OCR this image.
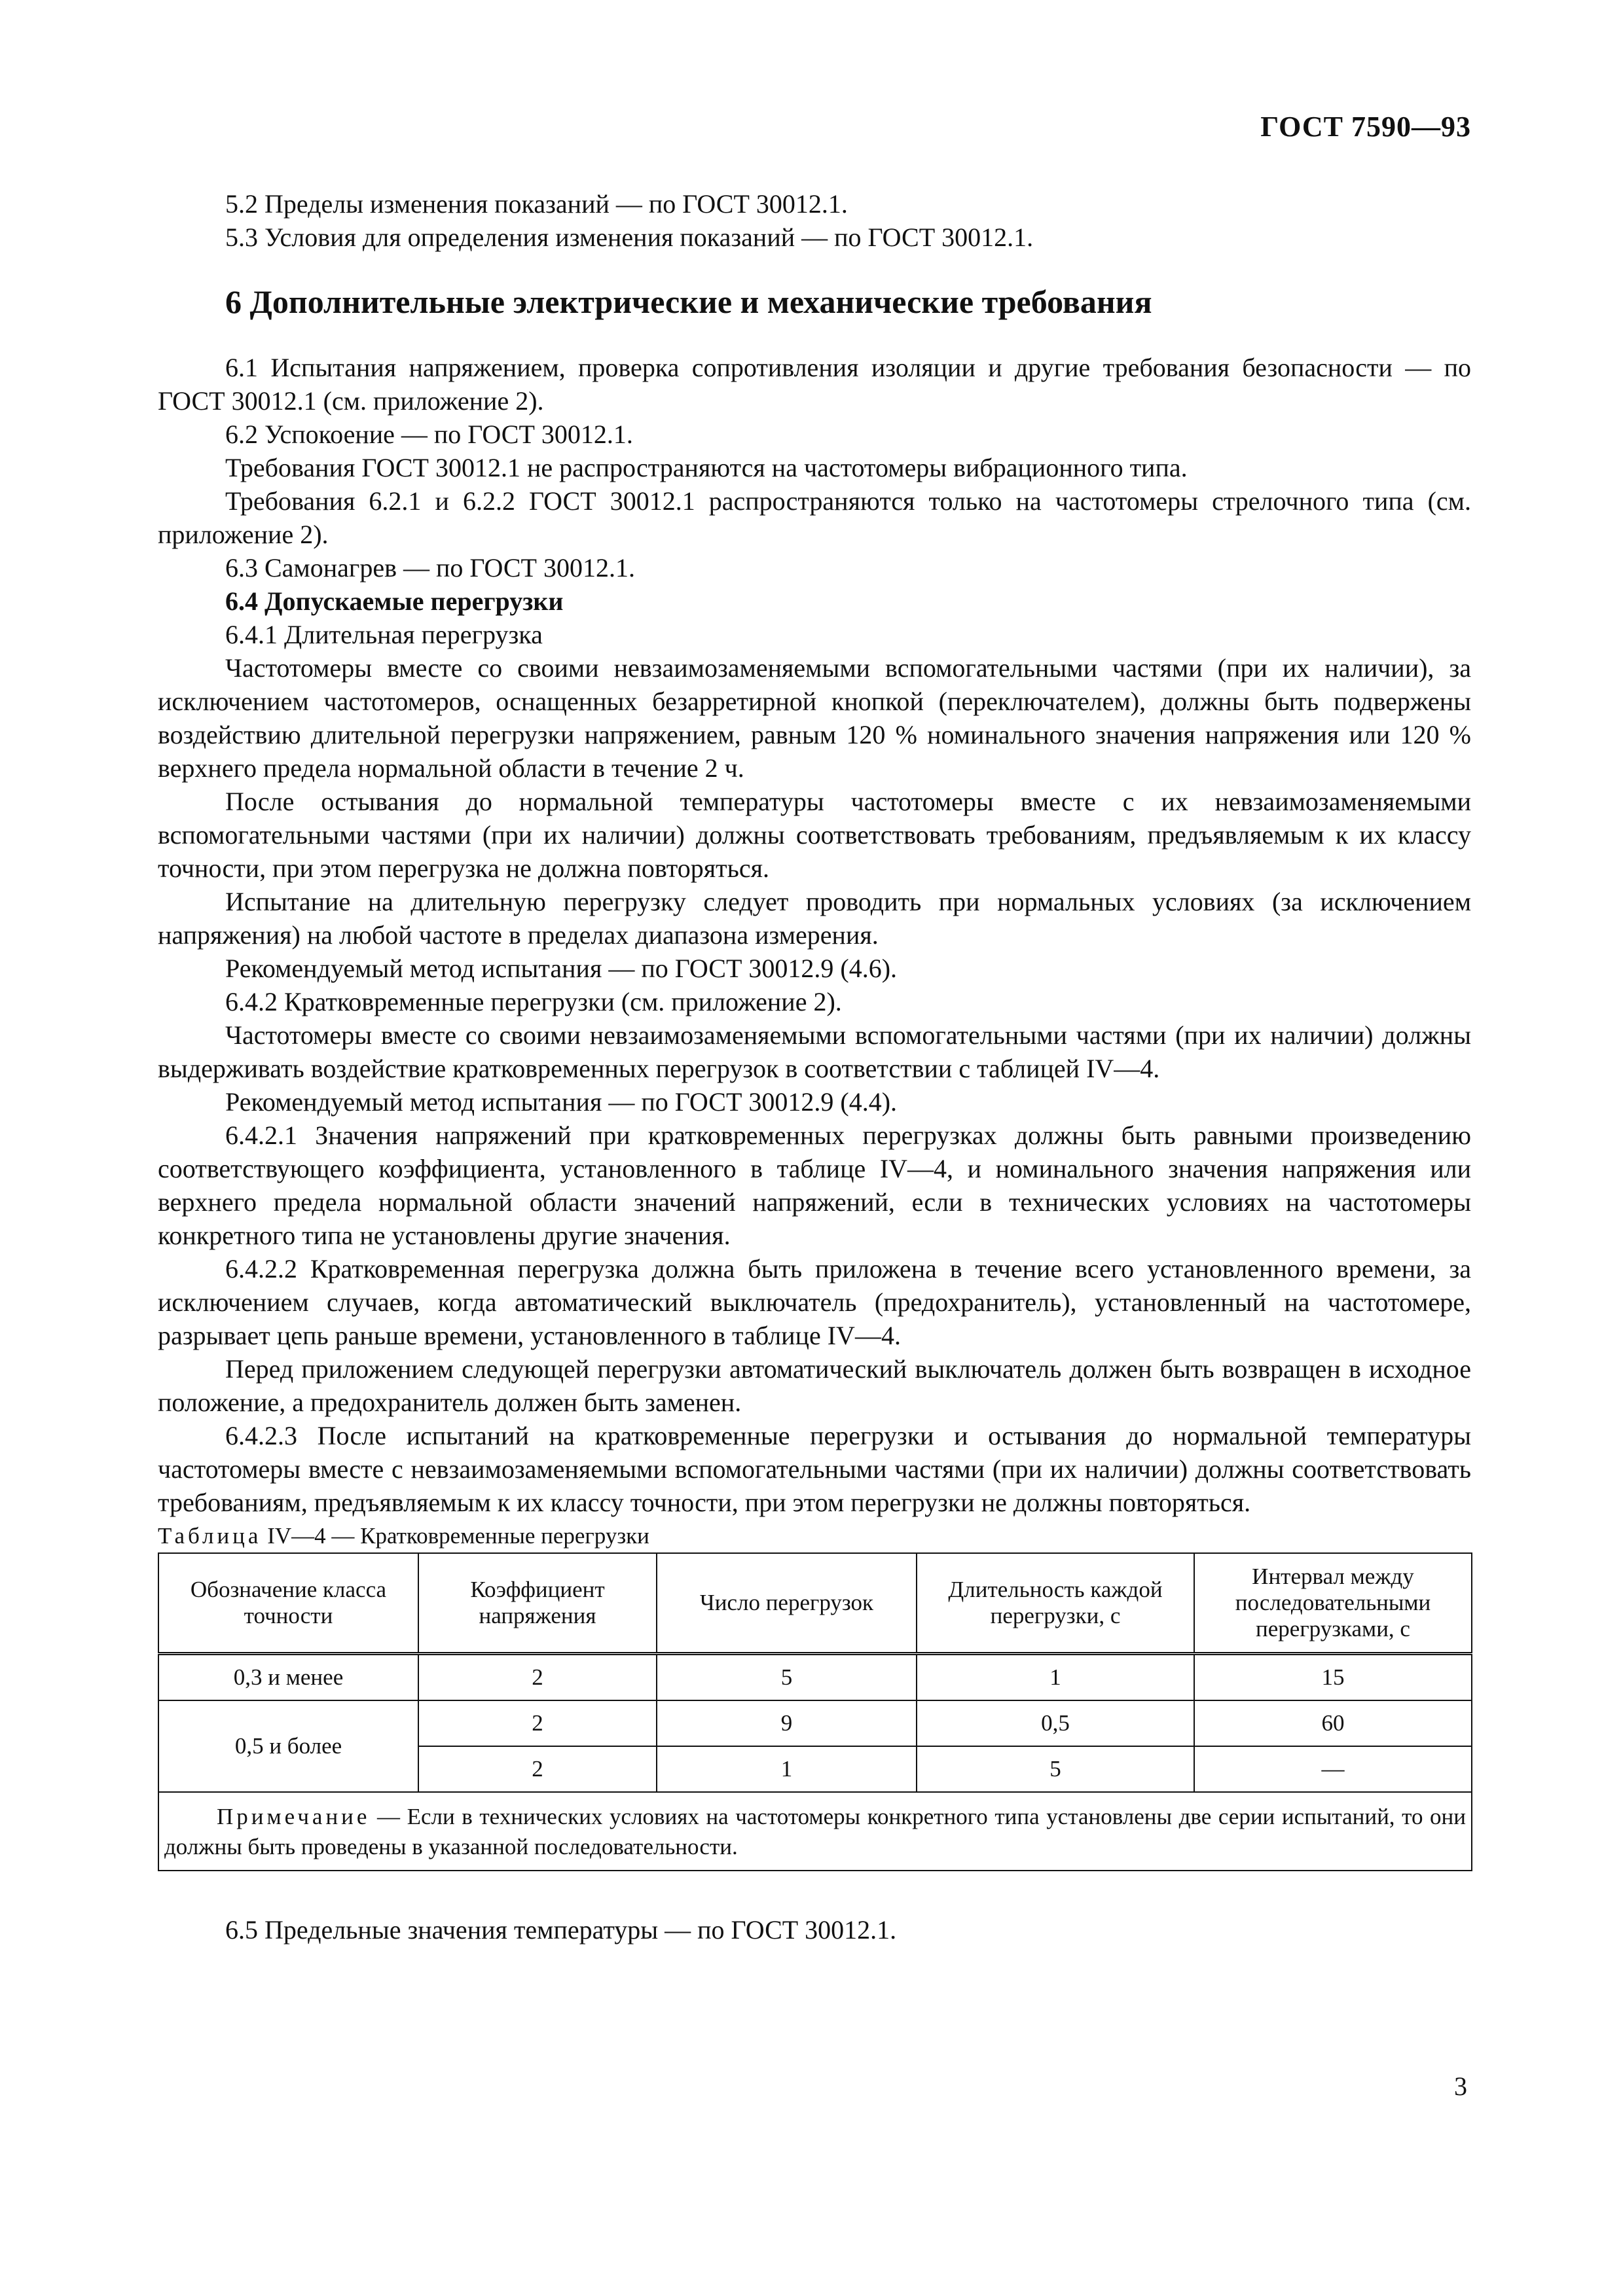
ГОСТ 7590—93

5.2 Пределы изменения показаний — по ГОСТ 30012.1.

5.3 Условия для определения изменения показаний — по ГОСТ 30012.1.

6 Дополнительные электрические и механические требования

6.1 Испытания напряжением, проверка сопротивления изоляции и другие требования безопасности — по ГОСТ 30012.1 (см. приложение 2).

6.2 Успокоение — по ГОСТ 30012.1.

Требования ГОСТ 30012.1 не распространяются на частотомеры вибрационного типа.

Требования 6.2.1 и 6.2.2 ГОСТ 30012.1 распространяются только на частотомеры стрелочного типа (см. приложение 2).

6.3 Самонагрев — по ГОСТ 30012.1.

6.4 Допускаемые перегрузки

6.4.1 Длительная перегрузка

Частотомеры вместе со своими невзаимозаменяемыми вспомогательными частями (при их наличии), за исключением частотомеров, оснащенных безарретирной кнопкой (переключателем), должны быть подвержены воздействию длительной перегрузки напряжением, равным 120 % номинального значения напряжения или 120 % верхнего предела нормальной области в течение 2 ч.

После остывания до нормальной температуры частотомеры вместе с их невзаимозаменяемыми вспомогательными частями (при их наличии) должны соответствовать требованиям, предъявляемым к их классу точности, при этом перегрузка не должна повторяться.

Испытание на длительную перегрузку следует проводить при нормальных условиях (за исключением напряжения) на любой частоте в пределах диапазона измерения.

Рекомендуемый метод испытания — по ГОСТ 30012.9 (4.6).

6.4.2 Кратковременные перегрузки (см. приложение 2).

Частотомеры вместе со своими невзаимозаменяемыми вспомогательными частями (при их наличии) должны выдерживать воздействие кратковременных перегрузок в соответствии с таблицей IV—4.

Рекомендуемый метод испытания — по ГОСТ 30012.9 (4.4).

6.4.2.1 Значения напряжений при кратковременных перегрузках должны быть равными произведению соответствующего коэффициента, установленного в таблице IV—4, и номинального значения напряжения или верхнего предела нормальной области значений напряжений, если в технических условиях на частотомеры конкретного типа не установлены другие значения.

6.4.2.2 Кратковременная перегрузка должна быть приложена в течение всего установленного времени, за исключением случаев, когда автоматический выключатель (предохранитель), установленный на частотомере, разрывает цепь раньше времени, установленного в таблице IV—4.

Перед приложением следующей перегрузки автоматический выключатель должен быть возвращен в исходное положение, а предохранитель должен быть заменен.

6.4.2.3 После испытаний на кратковременные перегрузки и остывания до нормальной температуры частотомеры вместе с невзаимозаменяемыми вспомогательными частями (при их наличии) должны соответствовать требованиям, предъявляемым к их классу точности, при этом перегрузки не должны повторяться.

Таблица IV—4 — Кратковременные перегрузки

Обозначение класса точности	Коэффициент напряжения	Число перегрузок	Длительность каждой перегрузки, с	Интервал между последовательными перегрузками, с
0,3 и менее	2	5	1	15
0,5 и более	2	9	0,5	60
	2	1	5	—
Примечание — Если в технических условиях на частотомеры конкретного типа установлены две серии испытаний, то они должны быть проведены в указанной последовательности.				

6.5 Предельные значения температуры — по ГОСТ 30012.1.

3
